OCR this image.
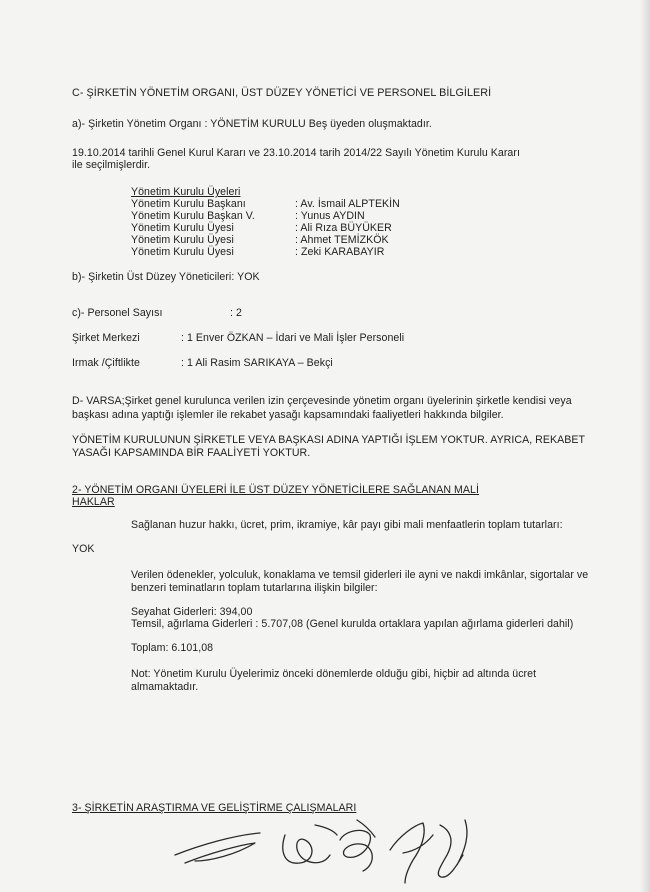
C- ŞİRKETİN YÖNETİM ORGANI, ÜST DÜZEY YÖNETİCİ VE PERSONEL BİLGİLERİ
a)- Şirketin Yönetim Organı : YÖNETİM KURULU Beş üyeden oluşmaktadır.
19.10.2014 tarihli Genel Kurul Kararı ve 23.10.2014 tarih 2014/22 Sayılı Yönetim Kurulu Kararı
ile seçilmişlerdir.
Yönetim Kurulu Üyeleri
Yönetim Kurulu Başkanı	: Av. İsmail ALPTEKİN
Yönetim Kurulu Başkan V.	: Yunus AYDIN
Yönetim Kurulu Üyesi	: Ali Rıza BÜYÜKER
Yönetim Kurulu Üyesi	: Ahmet TEMİZKÖK
Yönetim Kurulu Üyesi	: Zeki KARABAYIR
b)- Şirketin Üst Düzey Yöneticileri: YOK
c)- Personel Sayısı	: 2
Şirket Merkezi	: 1 Enver ÖZKAN – İdari ve Mali İşler Personeli
Irmak /Çiftlikte	: 1 Ali Rasim SARIKAYA – Bekçi
D- VARSA;Şirket genel kurulunca verilen izin çerçevesinde yönetim organı üyelerinin şirketle kendisi veya
başkası adına yaptığı işlemler ile rekabet yasağı kapsamındaki faaliyetleri hakkında bilgiler.
YÖNETİM KURULUNUN ŞİRKETLE VEYA BAŞKASI ADINA YAPTIĞI İŞLEM YOKTUR. AYRICA, REKABET
YASAĞI KAPSAMINDA BİR FAALİYETİ YOKTUR.
2- YÖNETİM ORGANI ÜYELERİ İLE ÜST DÜZEY YÖNETİCİLERE SAĞLANAN MALİ
HAKLAR
Sağlanan huzur hakkı, ücret, prim, ikramiye, kâr payı gibi mali menfaatlerin toplam tutarları:
YOK
Verilen ödenekler, yolculuk, konaklama ve temsil giderleri ile ayni ve nakdi imkânlar, sigortalar ve
benzeri teminatların toplam tutarlarına ilişkin bilgiler:
Seyahat Giderleri: 394,00
Temsil, ağırlama Giderleri : 5.707,08 (Genel kurulda ortaklara yapılan ağırlama giderleri dahil)
Toplam: 6.101,08
Not: Yönetim Kurulu Üyelerimiz önceki dönemlerde olduğu gibi, hiçbir ad altında ücret
almamaktadır.
3- ŞİRKETİN ARAŞTIRMA VE GELİŞTİRME ÇALIŞMALARI
